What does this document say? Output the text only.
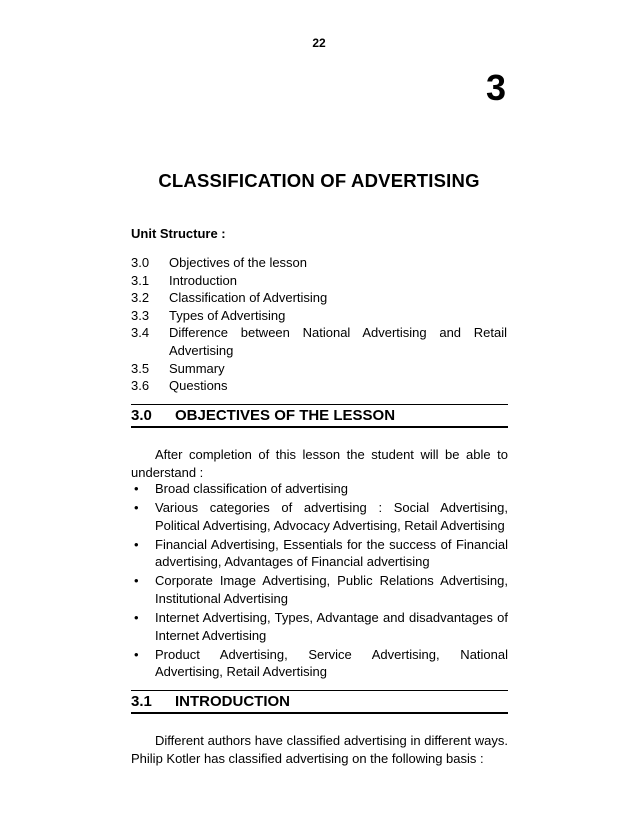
22
3
CLASSIFICATION OF ADVERTISING
Unit Structure :
3.0	Objectives of the lesson
3.1	Introduction
3.2	Classification of Advertising
3.3	Types of Advertising
3.4	Difference between National Advertising and Retail Advertising
3.5	Summary
3.6	Questions
3.0	OBJECTIVES OF THE LESSON
After completion of this lesson the student will be able to understand :
•	Broad classification of advertising
•	Various categories of advertising : Social Advertising, Political Advertising, Advocacy Advertising, Retail Advertising
•	Financial Advertising, Essentials for the success of Financial advertising, Advantages of Financial advertising
•	Corporate Image Advertising, Public Relations Advertising, Institutional Advertising
•	Internet Advertising, Types, Advantage and disadvantages of Internet Advertising
•	Product Advertising, Service Advertising, National Advertising, Retail Advertising
3.1	INTRODUCTION
Different authors have classified advertising in different ways. Philip Kotler has classified advertising on the following basis :
